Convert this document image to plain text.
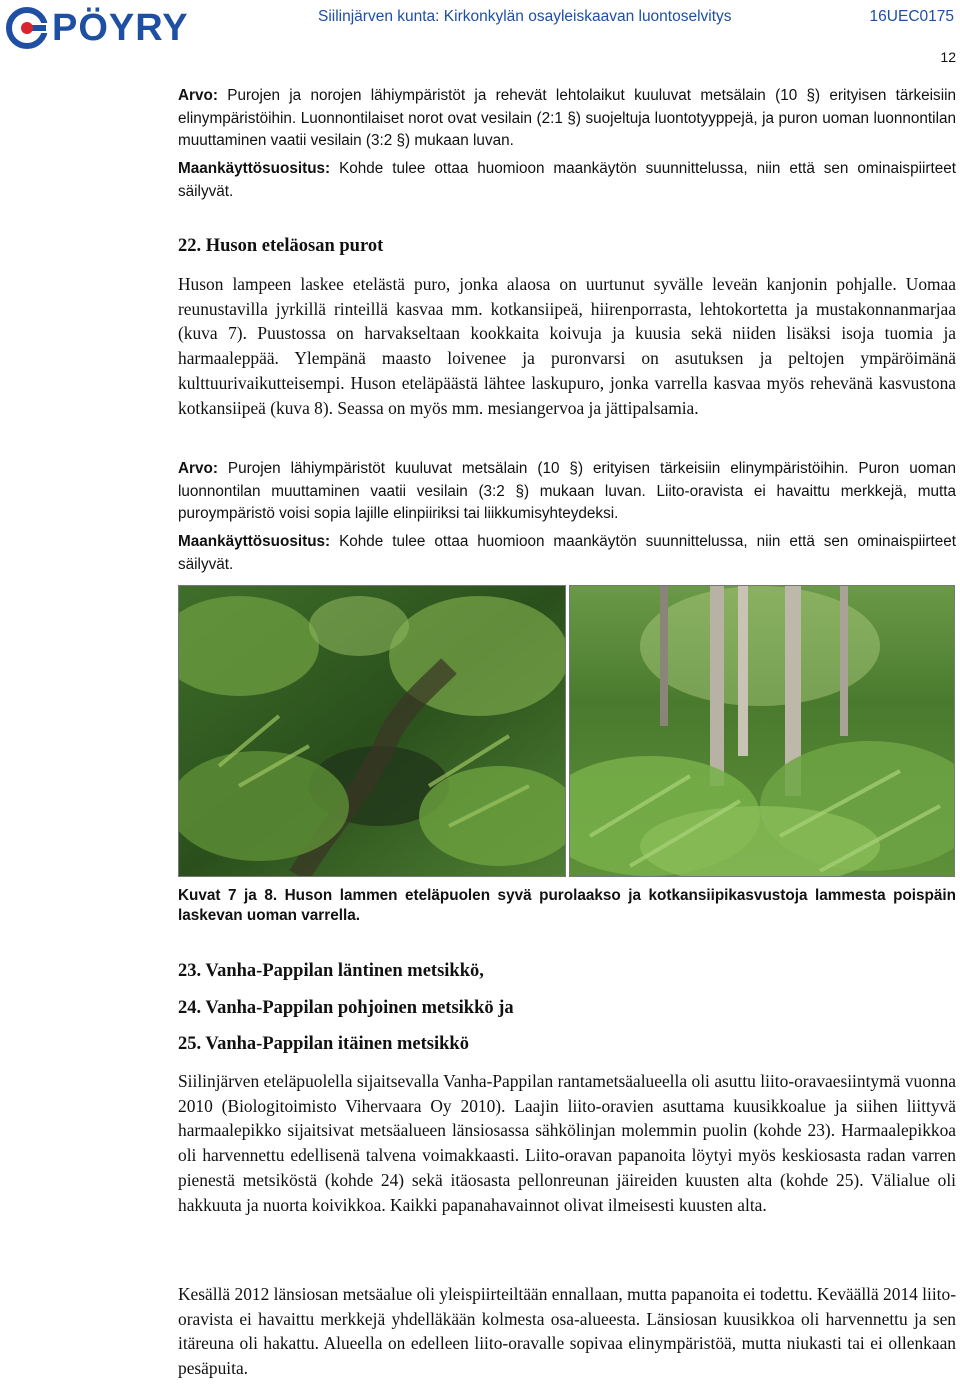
PÖYRY	Siilinjärven kunta: Kirkonkylän osayleiskaavan luontoselvitys	16UEC0175
12
Arvo: Purojen ja norojen lähiympäristöt ja rehevät lehtolaikut kuuluvat metsälain (10 §) erityisen tärkeisiin elinympäristöihin. Luonnontilaiset norot ovat vesilain (2:1 §) suojeltuja luontotyyppejä, ja puron uoman luonnontilan muuttaminen vaatii vesilain (3:2 §) mukaan luvan.
Maankäyttösuositus: Kohde tulee ottaa huomioon maankäytön suunnittelussa, niin että sen ominaispiirteet säilyvät.
22. Huson eteläosan purot
Huson lampeen laskee etelästä puro, jonka alaosa on uurtunut syvälle leveän kanjonin pohjalle. Uomaa reunustavilla jyrkillä rinteillä kasvaa mm. kotkansiipeä, hiirenporrasta, lehtokortetta ja mustakonnanmarjaa (kuva 7). Puustossa on harvakseltaan kookkaita koivuja ja kuusia sekä niiden lisäksi isoja tuomia ja harmaaleppää. Ylempänä maasto loivenee ja puronvarsi on asutuksen ja peltojen ympäröimänä kulttuurivaikutteisempi. Huson eteläpäästä lähtee laskupuro, jonka varrella kasvaa myös rehevänä kasvustona kotkansiipeä (kuva 8). Seassa on myös mm. mesiangervoa ja jättipalsamia.
Arvo: Purojen lähiympäristöt kuuluvat metsälain (10 §) erityisen tärkeisiin elinympäristöihin. Puron uoman luonnontilan muuttaminen vaatii vesilain (3:2 §) mukaan luvan. Liito-oravista ei havaittu merkkejä, mutta puroympäristö voisi sopia lajille elinpiiriksi tai liikkumisyhteydeksi.
Maankäyttösuositus: Kohde tulee ottaa huomioon maankäytön suunnittelussa, niin että sen ominaispiirteet säilyvät.
Kuvat 7 ja 8. Huson lammen eteläpuolen syvä purolaakso ja kotkansiipikasvustoja lammesta poispäin laskevan uoman varrella.
23. Vanha-Pappilan läntinen metsikkö,
24. Vanha-Pappilan pohjoinen metsikkö ja
25. Vanha-Pappilan itäinen metsikkö
Siilinjärven eteläpuolella sijaitsevalla Vanha-Pappilan rantametsäalueella oli asuttu liito-oravaesiintymä vuonna 2010 (Biologitoimisto Vihervaara Oy 2010). Laajin liito-oravien asuttama kuusikkoalue ja siihen liittyvä harmaalepikko sijaitsivat metsäalueen länsiosassa sähkölinjan molemmin puolin (kohde 23). Harmaalepikkoa oli harvennettu edellisenä talvena voimakkaasti. Liito-oravan papanoita löytyi myös keskiosasta radan varren pienestä metsiköstä (kohde 24) sekä itäosasta pellonreunan jäireiden kuusten alta (kohde 25). Välialue oli hakkuuta ja nuorta koivikkoa. Kaikki papanahavainnot olivat ilmeisesti kuusten alta.
Kesällä 2012 länsiosan metsäalue oli yleispiirteiltään ennallaan, mutta papanoita ei todettu. Keväällä 2014 liito-oravista ei havaittu merkkejä yhdelläkään kolmesta osa-alueesta. Länsiosan kuusikkoa oli harvennettu ja sen itäreuna oli hakattu. Alueella on edelleen liito-oravalle sopivaa elinympäristöä, mutta niukasti tai ei ollenkaan pesäpuita.
